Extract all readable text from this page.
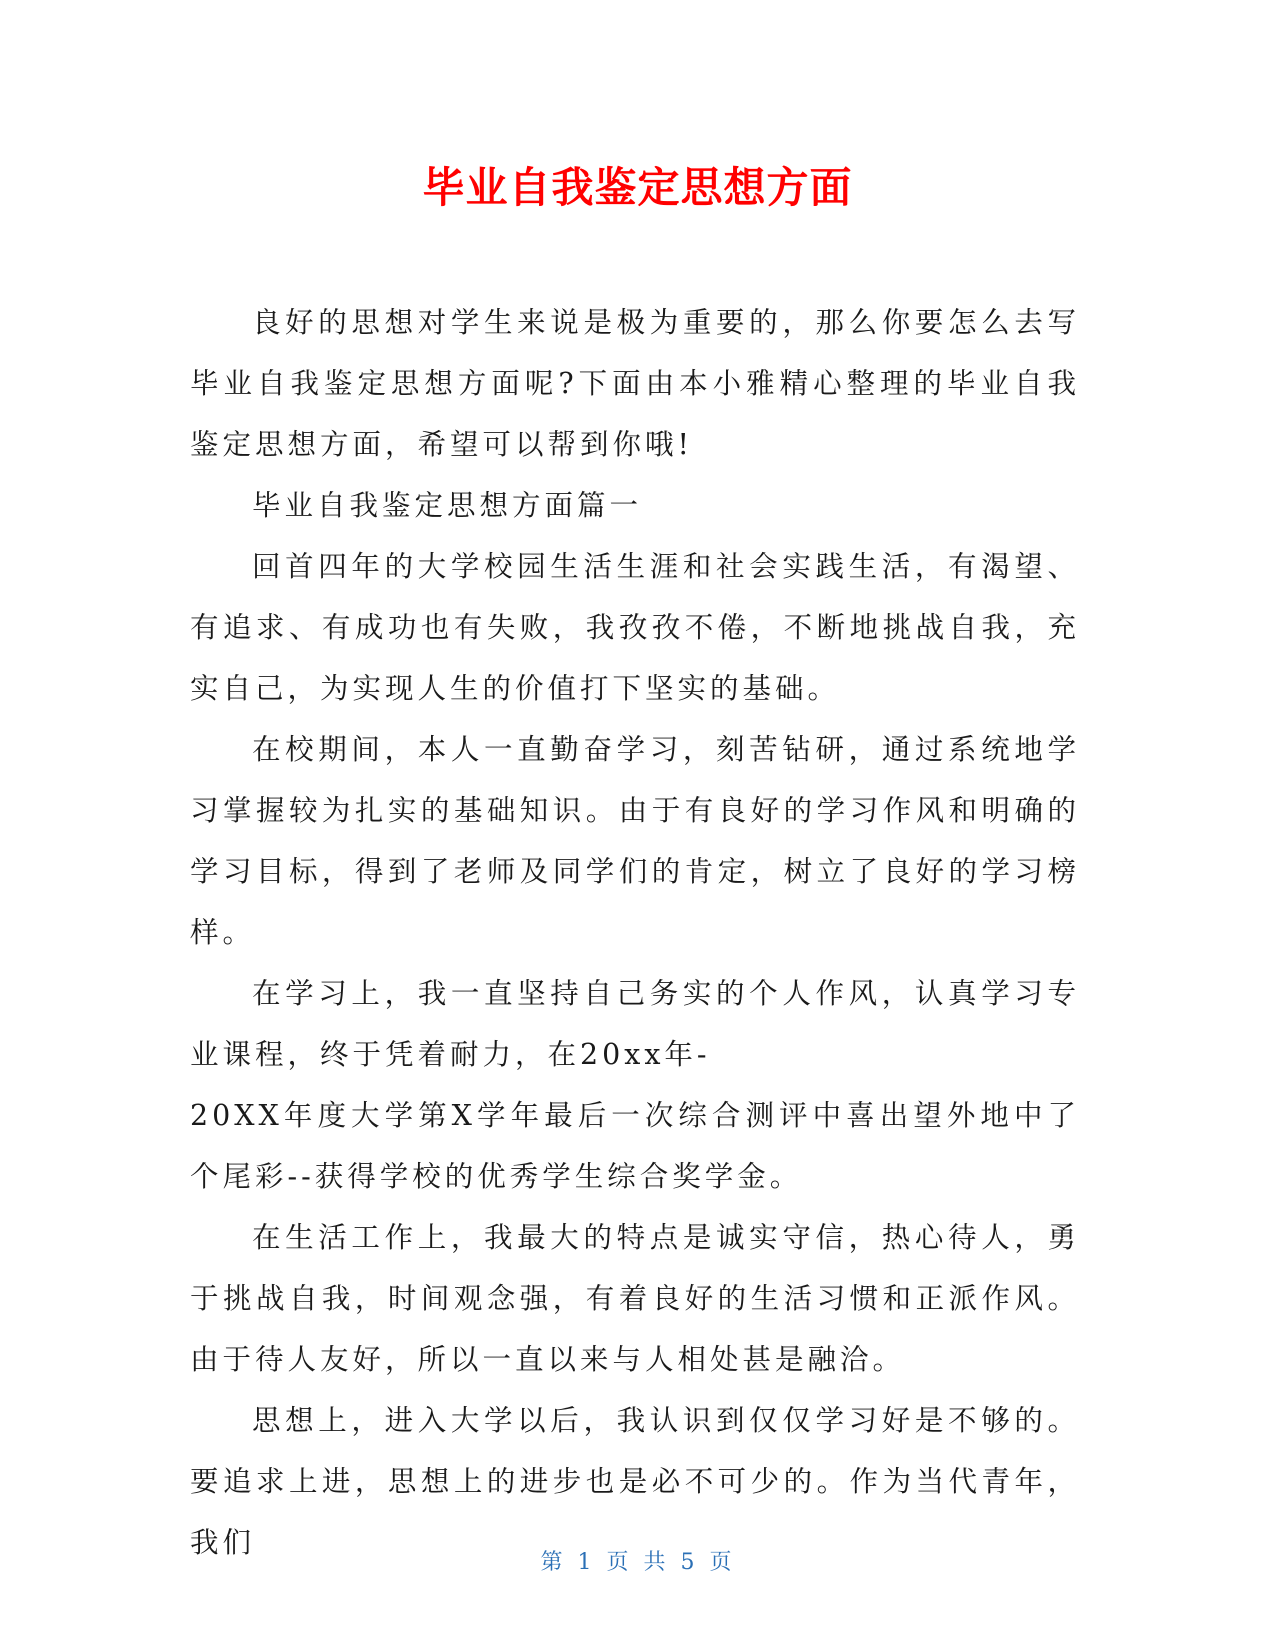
毕业自我鉴定思想方面

良好的思想对学生来说是极为重要的，那么你要怎么去写毕业自我鉴定思想方面呢?下面由本小雅精心整理的毕业自我鉴定思想方面，希望可以帮到你哦!

毕业自我鉴定思想方面篇一

回首四年的大学校园生活生涯和社会实践生活，有渴望、有追求、有成功也有失败，我孜孜不倦，不断地挑战自我，充实自己，为实现人生的价值打下坚实的基础。

在校期间，本人一直勤奋学习，刻苦钻研，通过系统地学习掌握较为扎实的基础知识。由于有良好的学习作风和明确的学习目标，得到了老师及同学们的肯定，树立了良好的学习榜样。

在学习上，我一直坚持自己务实的个人作风，认真学习专业课程，终于凭着耐力，在20xx年-

20XX年度大学第X学年最后一次综合测评中喜出望外地中了个尾彩--获得学校的优秀学生综合奖学金。

在生活工作上，我最大的特点是诚实守信，热心待人，勇于挑战自我，时间观念强，有着良好的生活习惯和正派作风。由于待人友好，所以一直以来与人相处甚是融洽。

思想上，进入大学以后，我认识到仅仅学习好是不够的。要追求上进，思想上的进步也是必不可少的。作为当代青年，我们

第 1 页 共 5 页
